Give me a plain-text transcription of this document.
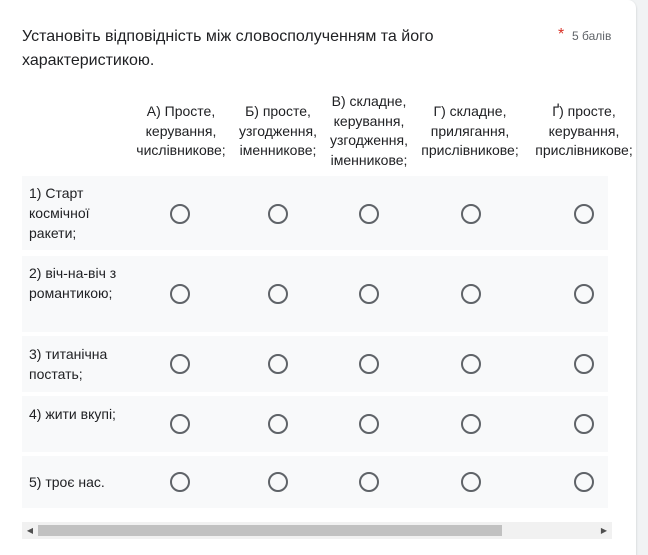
Установіть відповідність між словосполученням та його характеристикою.
* 5 балів
А) Просте, керування, числівникове;
Б) просте, узгодження, іменникове;
В) складне, керування, узгодження, іменникове;
Г) складне, прилягання, прислівникове;
Ґ) просте, керування, прислівникове;
1) Старт космічної ракети;
2) віч-на-віч з романтикою;
3) титанічна постать;
4) жити вкупі;
5) троє нас.
◀	▶
